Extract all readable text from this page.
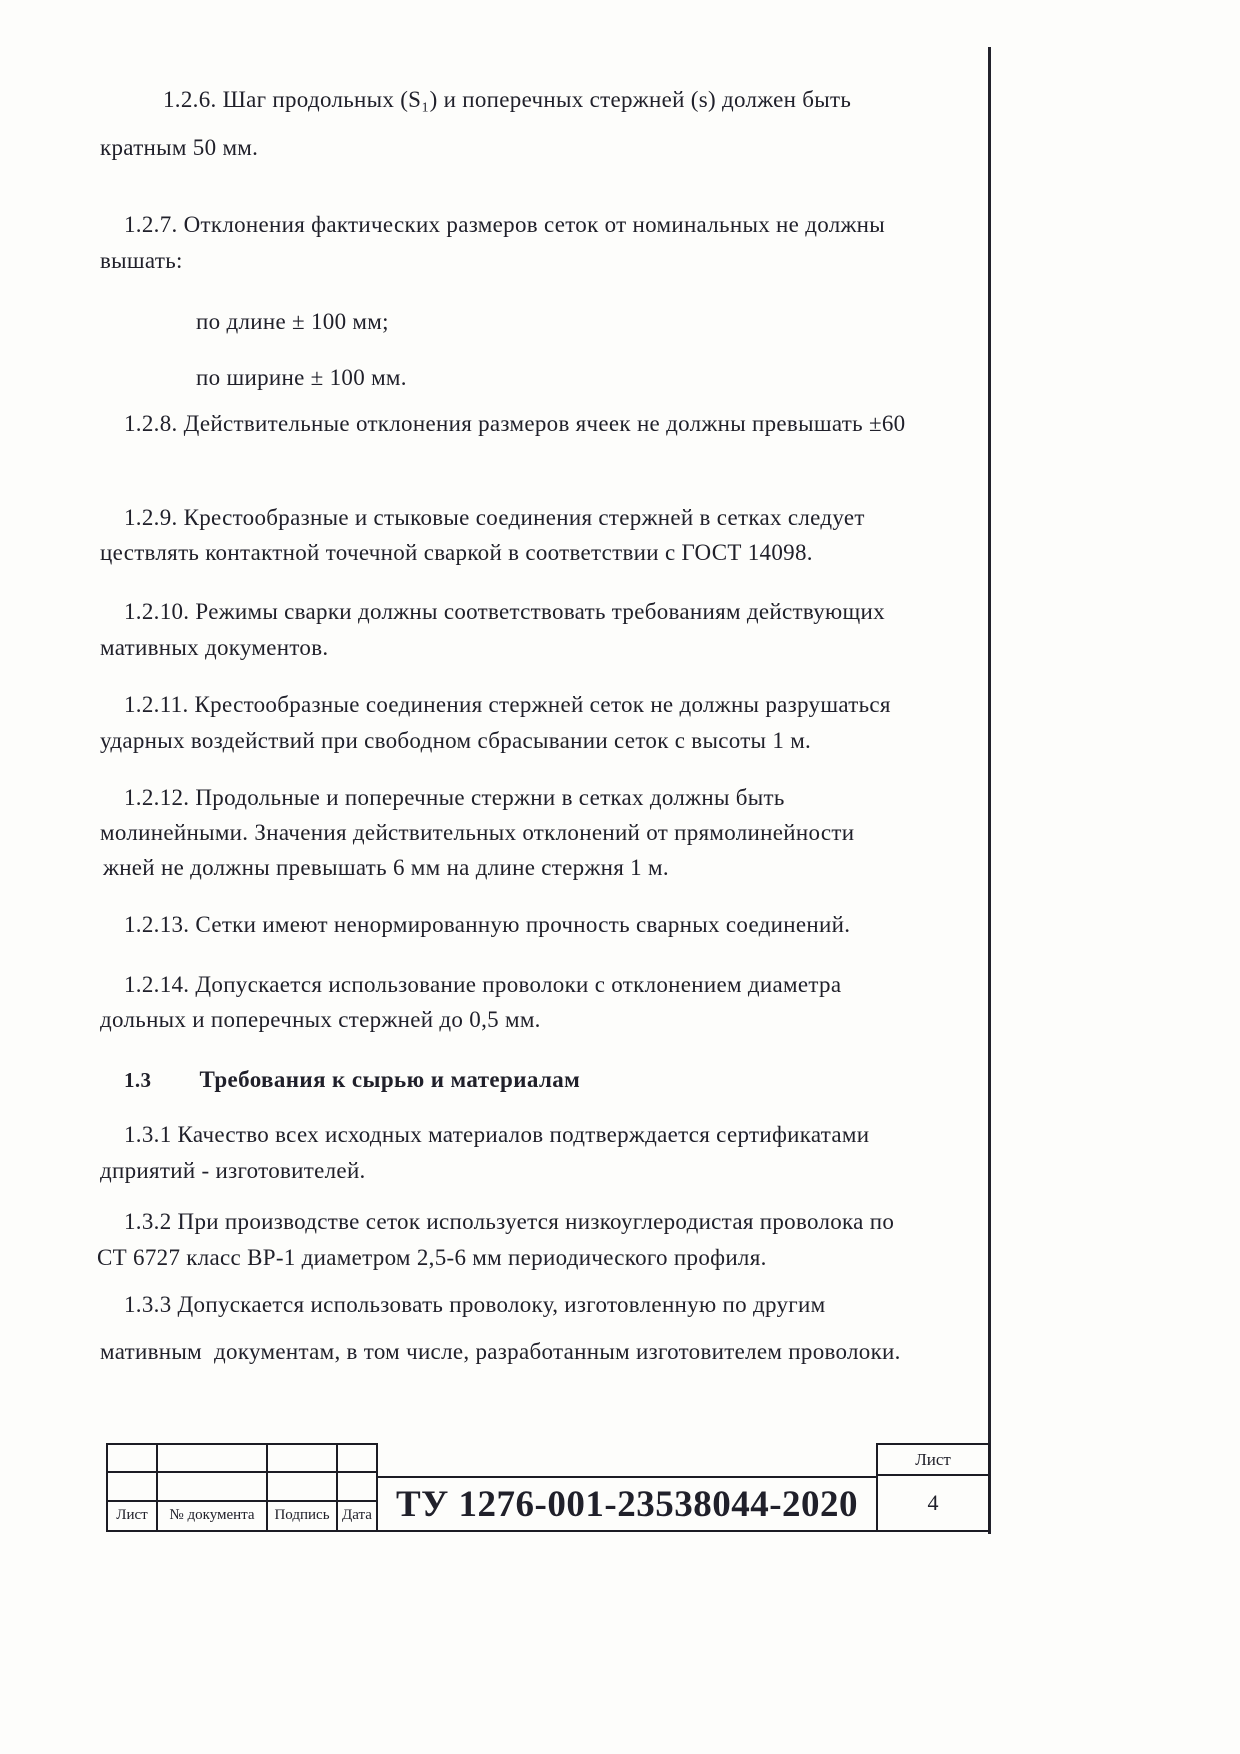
1.2.6. Шаг продольных (S₁) и поперечных стержней (s) должен быть

кратным 50 мм.

1.2.7. Отклонения фактических размеров сеток от номинальных не должны

вышать:

по длине ± 100 мм;

по ширине ± 100 мм.

1.2.8. Действительные отклонения размеров ячеек не должны превышать ±60

1.2.9. Крестообразные и стыковые соединения стержней в сетках следует

цествлять контактной точечной сваркой в соответствии с ГОСТ 14098.

1.2.10. Режимы сварки должны соответствовать требованиям действующих

мативных документов.

1.2.11. Крестообразные соединения стержней сеток не должны разрушаться

ударных воздействий при свободном сбрасывании сеток с высоты 1 м.

1.2.12. Продольные и поперечные стержни в сетках должны быть

молинейными. Значения действительных отклонений от прямолинейности

жней не должны превышать 6 мм на длине стержня 1 м.

1.2.13. Сетки имеют ненормированную прочность сварных соединений.

1.2.14. Допускается использование проволоки с отклонением диаметра

дольных и поперечных стержней до 0,5 мм.

1.3 Требования к сырью и материалам

1.3.1 Качество всех исходных материалов подтверждается сертификатами

дприятий - изготовителей.

1.3.2 При производстве сеток используется низкоуглеродистая проволока по

СТ 6727 класс ВР-1 диаметром 2,5-6 мм периодического профиля.

1.3.3 Допускается использовать проволоку, изготовленную по другим

мативным  документам, в том числе, разработанным изготовителем проволоки.

Лист	№ документа	Подпись Дата ТУ 1276-001-23538044-2020
Лист
4
